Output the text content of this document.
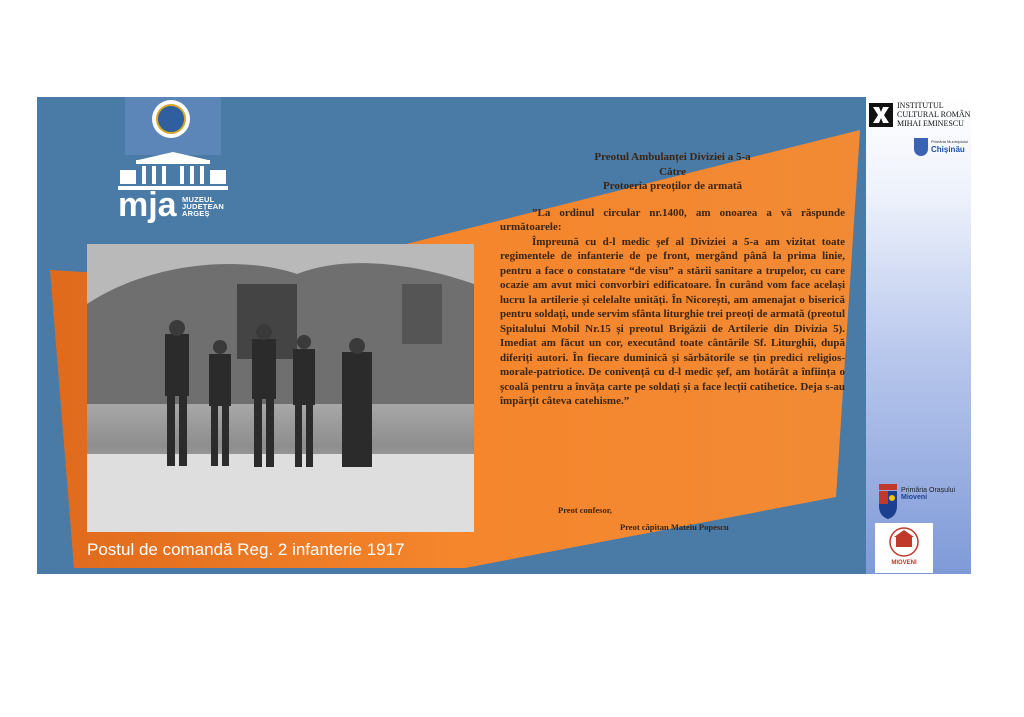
mja MUZEUL
JUDEȚEAN
ARGEȘ
Postul de comandă Reg. 2 infanterie 1917

Preotul Ambulanței Diviziei a 5-a

Către

Protoeria preoților de armată

”La ordinul circular nr.1400, am onoarea a vă răspunde următoarele:

Împreună cu d-l medic șef al Diviziei a 5-a am vizitat toate regimentele de infanterie de pe front, mergând până la prima linie, pentru a face o constatare “de visu” a stării sanitare a trupelor, cu care ocazie am avut mici convorbiri edificatoare. În curând vom face același lucru la artilerie și celelalte unități. În Nicorești, am amenajat o biserică pentru soldați, unde servim sfânta liturghie trei preoți de armată (preotul Spitalului Mobil Nr.15 și preotul Brigăzii de Artilerie din Divizia 5). Imediat am făcut un cor, executând toate cântările Sf. Liturghii, după diferiți autori. În fiecare duminică și sărbătorile se țin predici religios-morale-patriotice. De conivență cu d-l medic șef, am hotărât a înființa o școală pentru a învăța carte pe soldați și a face lecții catihetice. Deja s-au împărțit câteva catehisme.”

Preot confesor,
Preot căpitan Mateiu Popescu
INSTITUTUL
CULTURAL ROMÂN
MIHAI EMINESCU
Primăria Municipiului
Chișinău
Primăria Orașului
Mioveni
MIOVENI
